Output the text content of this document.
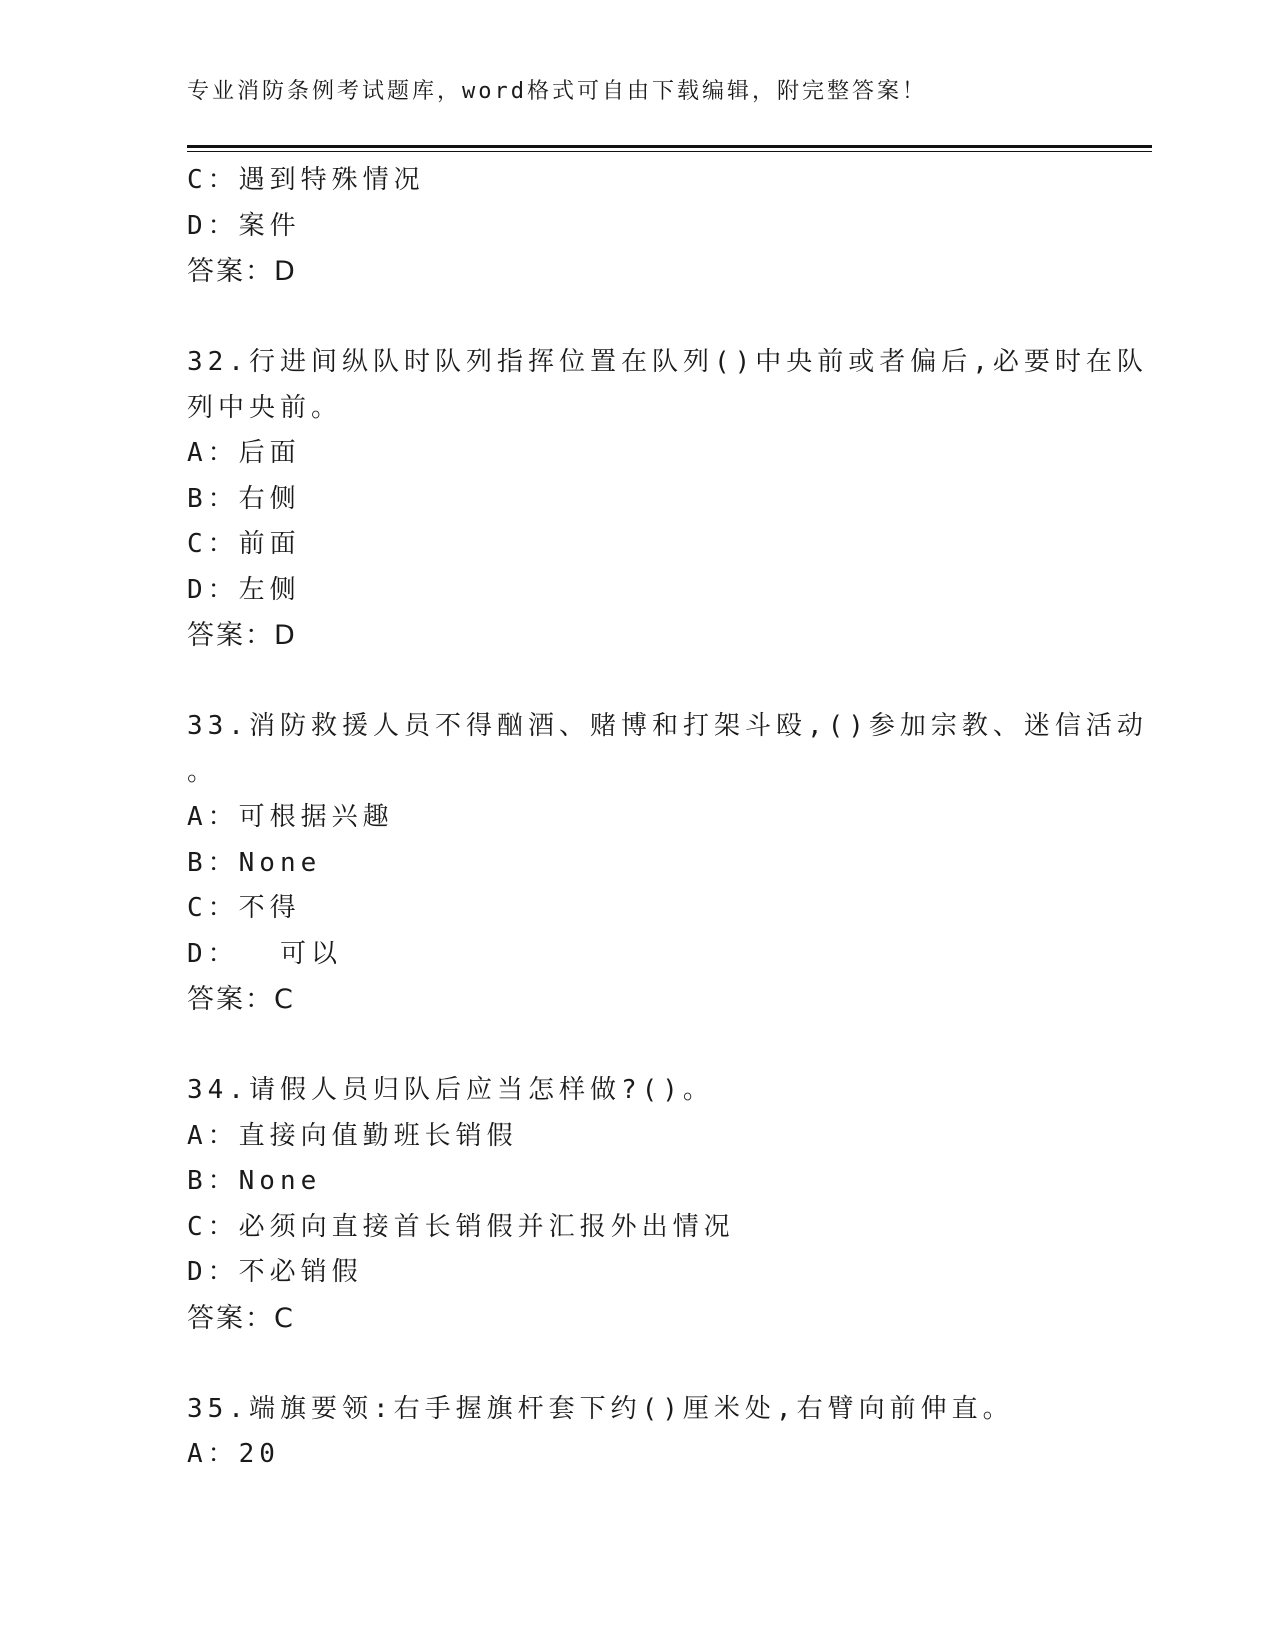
专业消防条例考试题库，word格式可自由下载编辑，附完整答案！
C：遇到特殊情况
D：案件
答案：D
32.行进间纵队时队列指挥位置在队列()中央前或者偏后,必要时在队
列中央前。
A：后面
B：右侧
C：前面
D：左侧
答案：D
33.消防救援人员不得酗酒、赌博和打架斗殴,()参加宗教、迷信活动
。
A：可根据兴趣
B：None
C：不得
D：  可以
答案：C
34.请假人员归队后应当怎样做?()。
A：直接向值勤班长销假
B：None
C：必须向直接首长销假并汇报外出情况
D：不必销假
答案：C
35.端旗要领:右手握旗杆套下约()厘米处,右臂向前伸直。
A：20
